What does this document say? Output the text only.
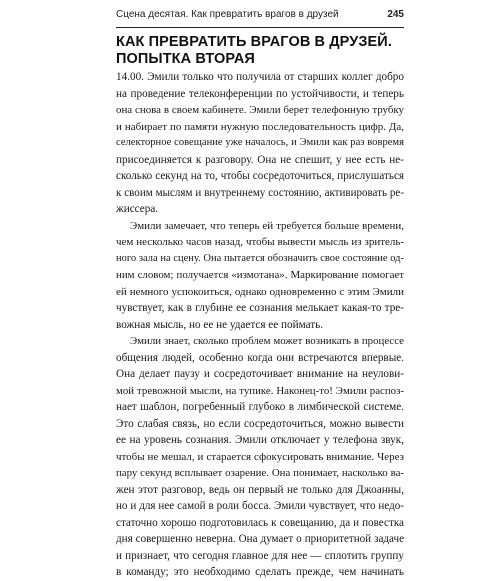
Сцена десятая. Как превратить врагов в друзей	245
КАК ПРЕВРАТИТЬ ВРАГОВ В ДРУЗЕЙ.
ПОПЫТКА ВТОРАЯ
14.00. Эмили только что получила от старших коллег добро
на проведение телеконференции по устойчивости, и теперь
она снова в своем кабинете. Эмили берет телефонную трубку
и набирает по памяти нужную последовательность цифр. Да,
селекторное совещание уже началось, и Эмили как раз вовремя
присоединяется к разговору. Она не спешит, у нее есть не-
сколько секунд на то, чтобы сосредоточиться, прислушаться
к своим мыслям и внутреннему состоянию, активировать ре-
жиссера.
Эмили замечает, что теперь ей требуется больше времени,
чем несколько часов назад, чтобы вывести мысль из зритель-
ного зала на сцену. Она пытается обозначить свое состояние од-
ним словом; получается «измотана». Маркирование помогает
ей немного успокоиться, однако одновременно с этим Эмили
чувствует, как в глубине ее сознания мелькает какая-то тре-
вожная мысль, но ее не удается ее поймать.
Эмили знает, сколько проблем может возникать в процессе
общения людей, особенно когда они встречаются впервые.
Она делает паузу и сосредоточивает внимание на неулови-
мой тревожной мысли, на тупике. Наконец-то! Эмили распоз-
нает шаблон, погребенный глубоко в лимбической системе.
Это слабая связь, но если сосредоточиться, можно вывести
ее на уровень сознания. Эмили отключает у телефона звук,
чтобы не мешал, и старается сфокусировать внимание. Через
пару секунд всплывает озарение. Она понимает, насколько ва-
жен этот разговор, ведь он первый не только для Джоанны,
но и для нее самой в роли босса. Эмили чувствует, что недо-
статочно хорошо подготовилась к совещанию, да и повестка
дня совершенно неверна. Она думает о приоритетной задаче
и признает, что сегодня главное для нее — сплотить группу
в команду; это необходимо сделать прежде, чем начинать
